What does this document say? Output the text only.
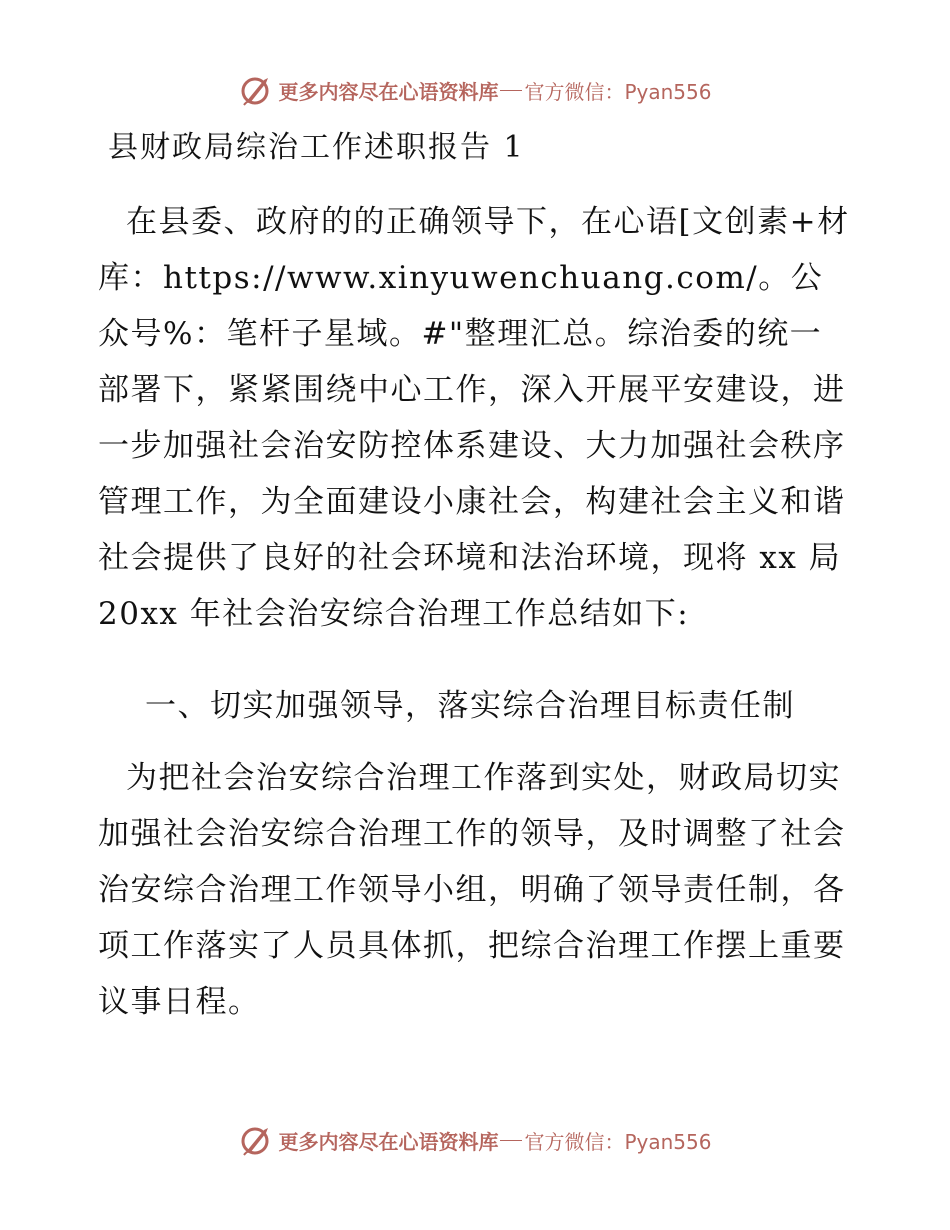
更多内容尽在心语资料库 官方微信：Pyan556
县财政局综治工作述职报告 1

在县委、政府的的正确领导下，在心语[文创素+材库：https://www.xinyuwenchuang.com/。公众号%：笔杆子星域。#"整理汇总。综治委的统一部署下，紧紧围绕中心工作，深入开展平安建设，进一步加强社会治安防控体系建设、大力加强社会秩序管理工作，为全面建设小康社会，构建社会主义和谐社会提供了良好的社会环境和法治环境，现将 xx 局 20xx 年社会治安综合治理工作总结如下:

一、切实加强领导，落实综合治理目标责任制

为把社会治安综合治理工作落到实处，财政局切实加强社会治安综合治理工作的领导，及时调整了社会治安综合治理工作领导小组，明确了领导责任制，各项工作落实了人员具体抓，把综合治理工作摆上重要议事日程。

更多内容尽在心语资料库 官方微信：Pyan556
